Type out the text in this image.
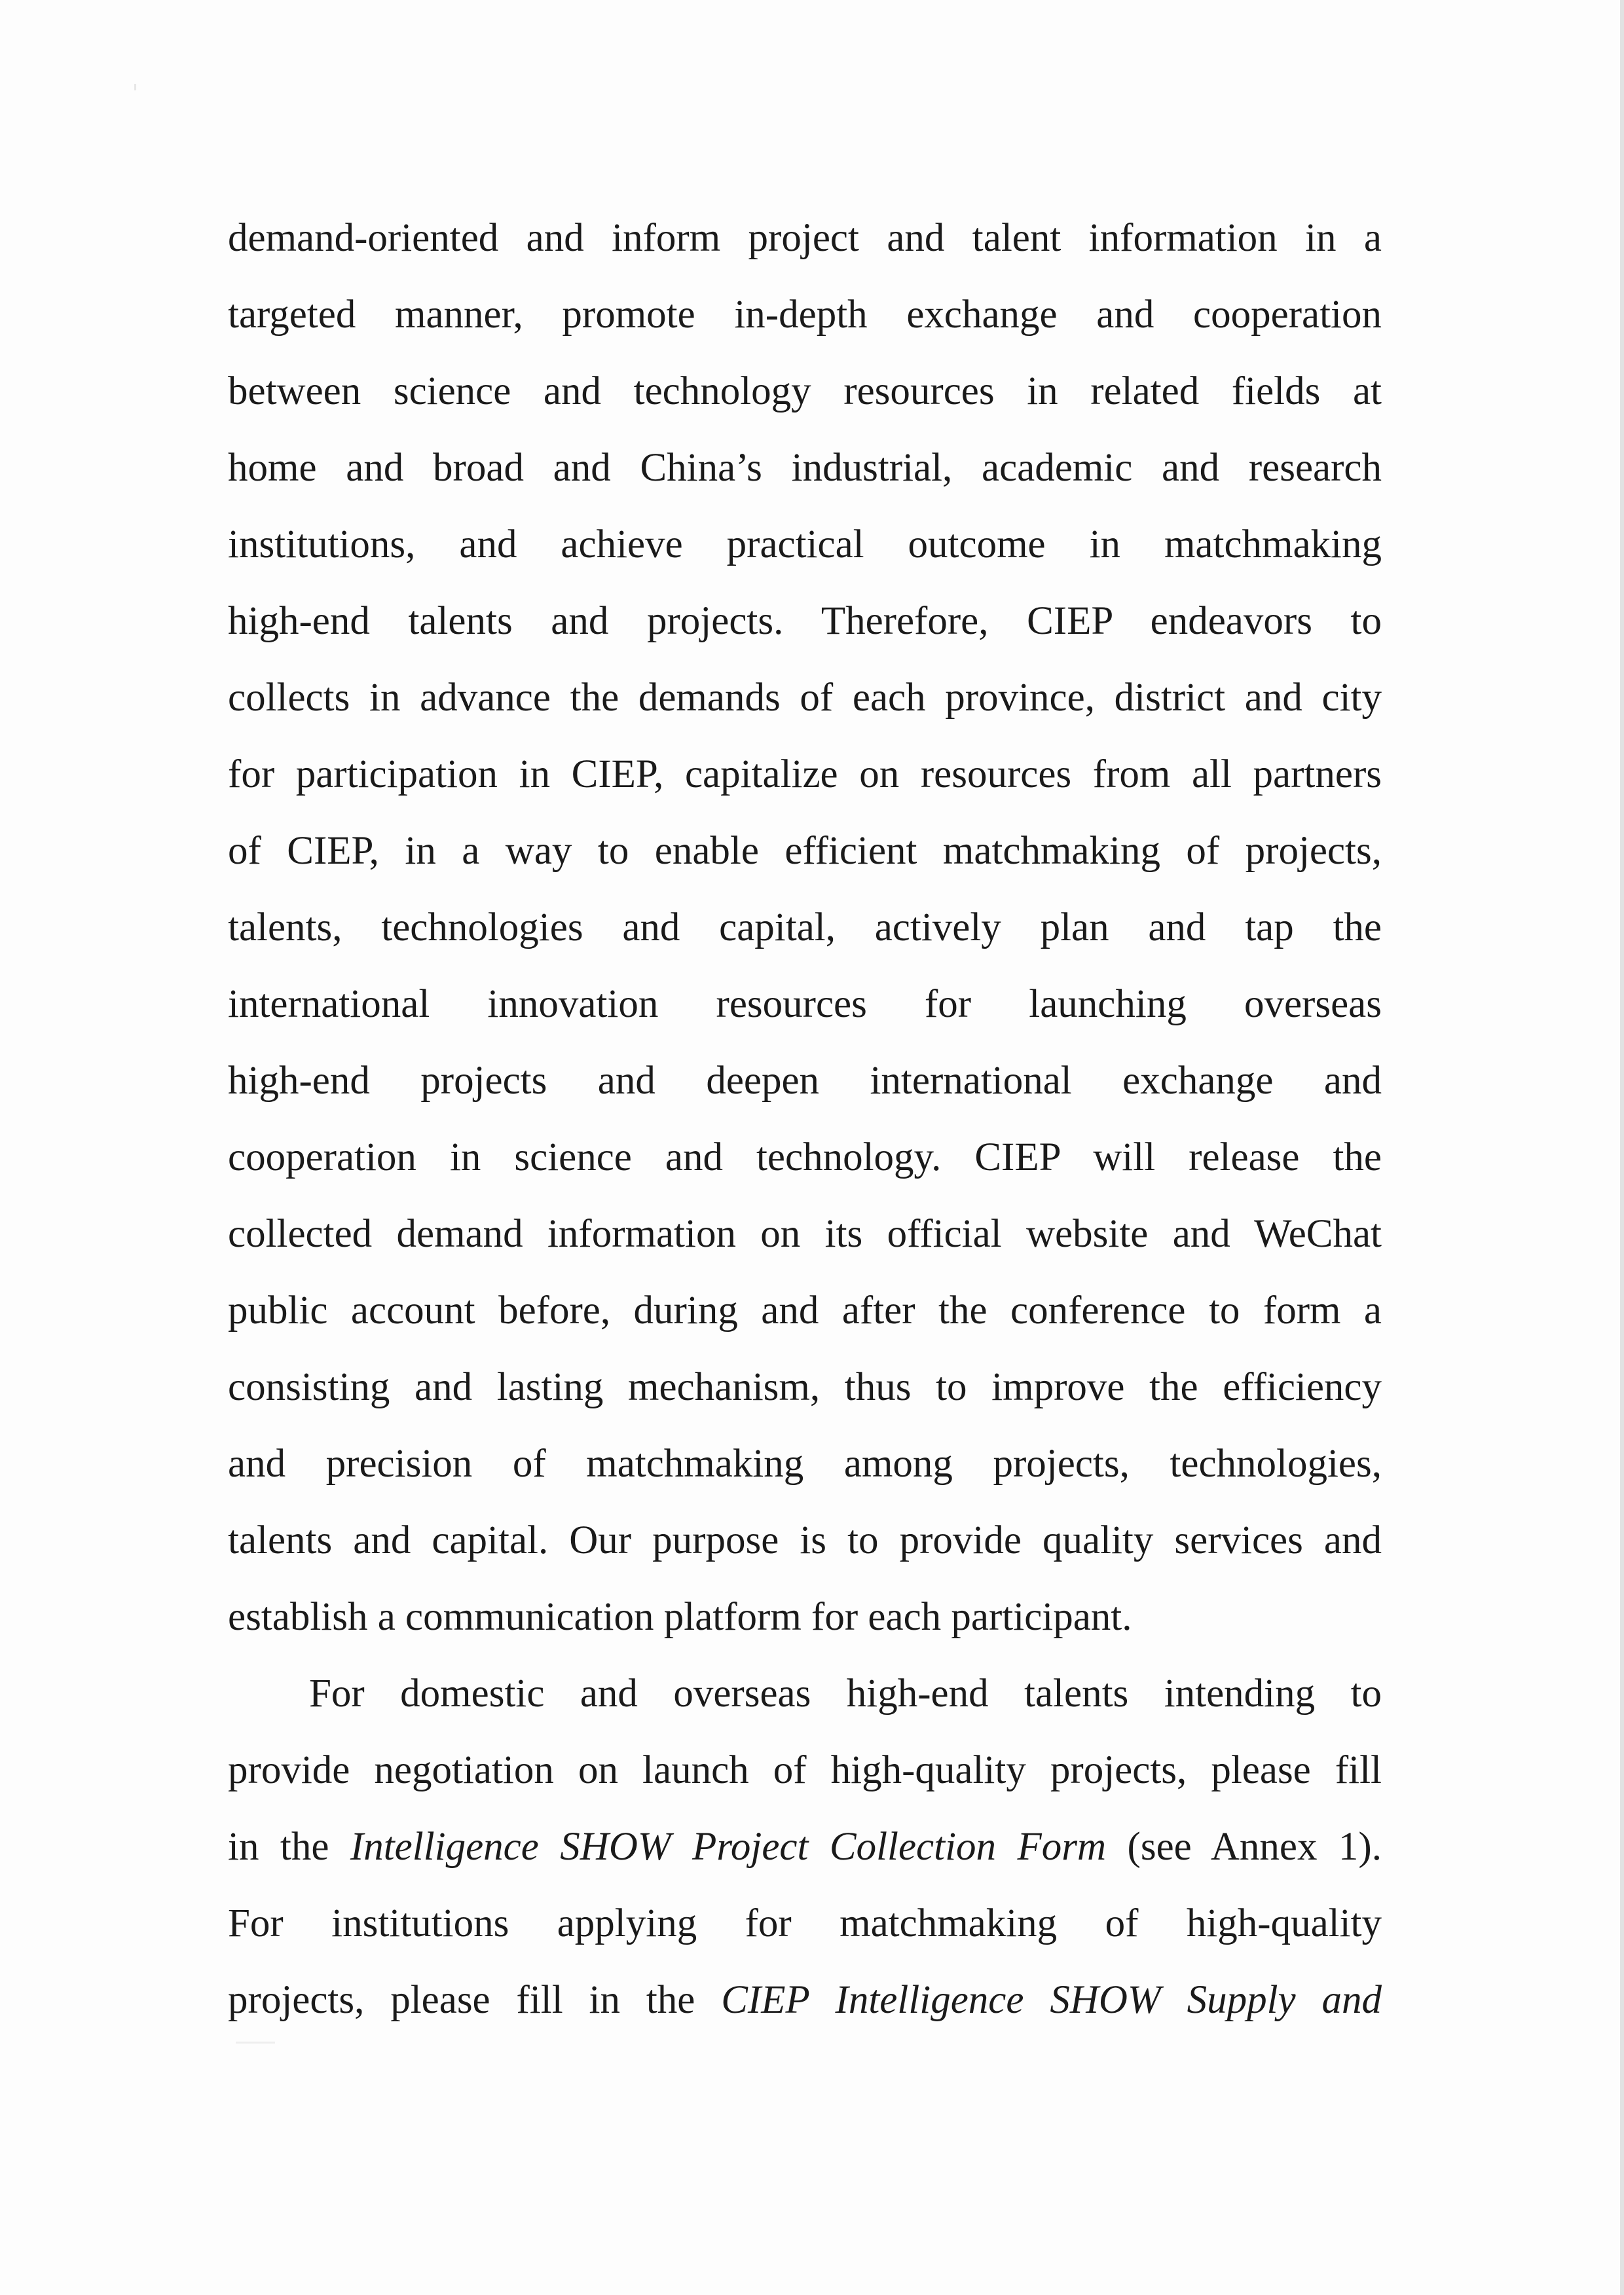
demand-oriented and inform project and talent information in a
targeted manner, promote in-depth exchange and cooperation
between science and technology resources in related fields at
home and broad and China’s industrial, academic and research
institutions, and achieve practical outcome in matchmaking
high-end talents and projects. Therefore, CIEP endeavors to
collects in advance the demands of each province, district and city
for participation in CIEP, capitalize on resources from all partners
of CIEP, in a way to enable efficient matchmaking of projects,
talents, technologies and capital, actively plan and tap the
international innovation resources for launching overseas
high-end projects and deepen international exchange and
cooperation in science and technology. CIEP will release the
collected demand information on its official website and WeChat
public account before, during and after the conference to form a
consisting and lasting mechanism, thus to improve the efficiency
and precision of matchmaking among projects, technologies,
talents and capital. Our purpose is to provide quality services and
establish a communication platform for each participant.
For domestic and overseas high-end talents intending to
provide negotiation on launch of high-quality projects, please fill
in the Intelligence SHOW Project Collection Form (see Annex 1).
For institutions applying for matchmaking of high-quality
projects, please fill in the CIEP Intelligence SHOW Supply and
